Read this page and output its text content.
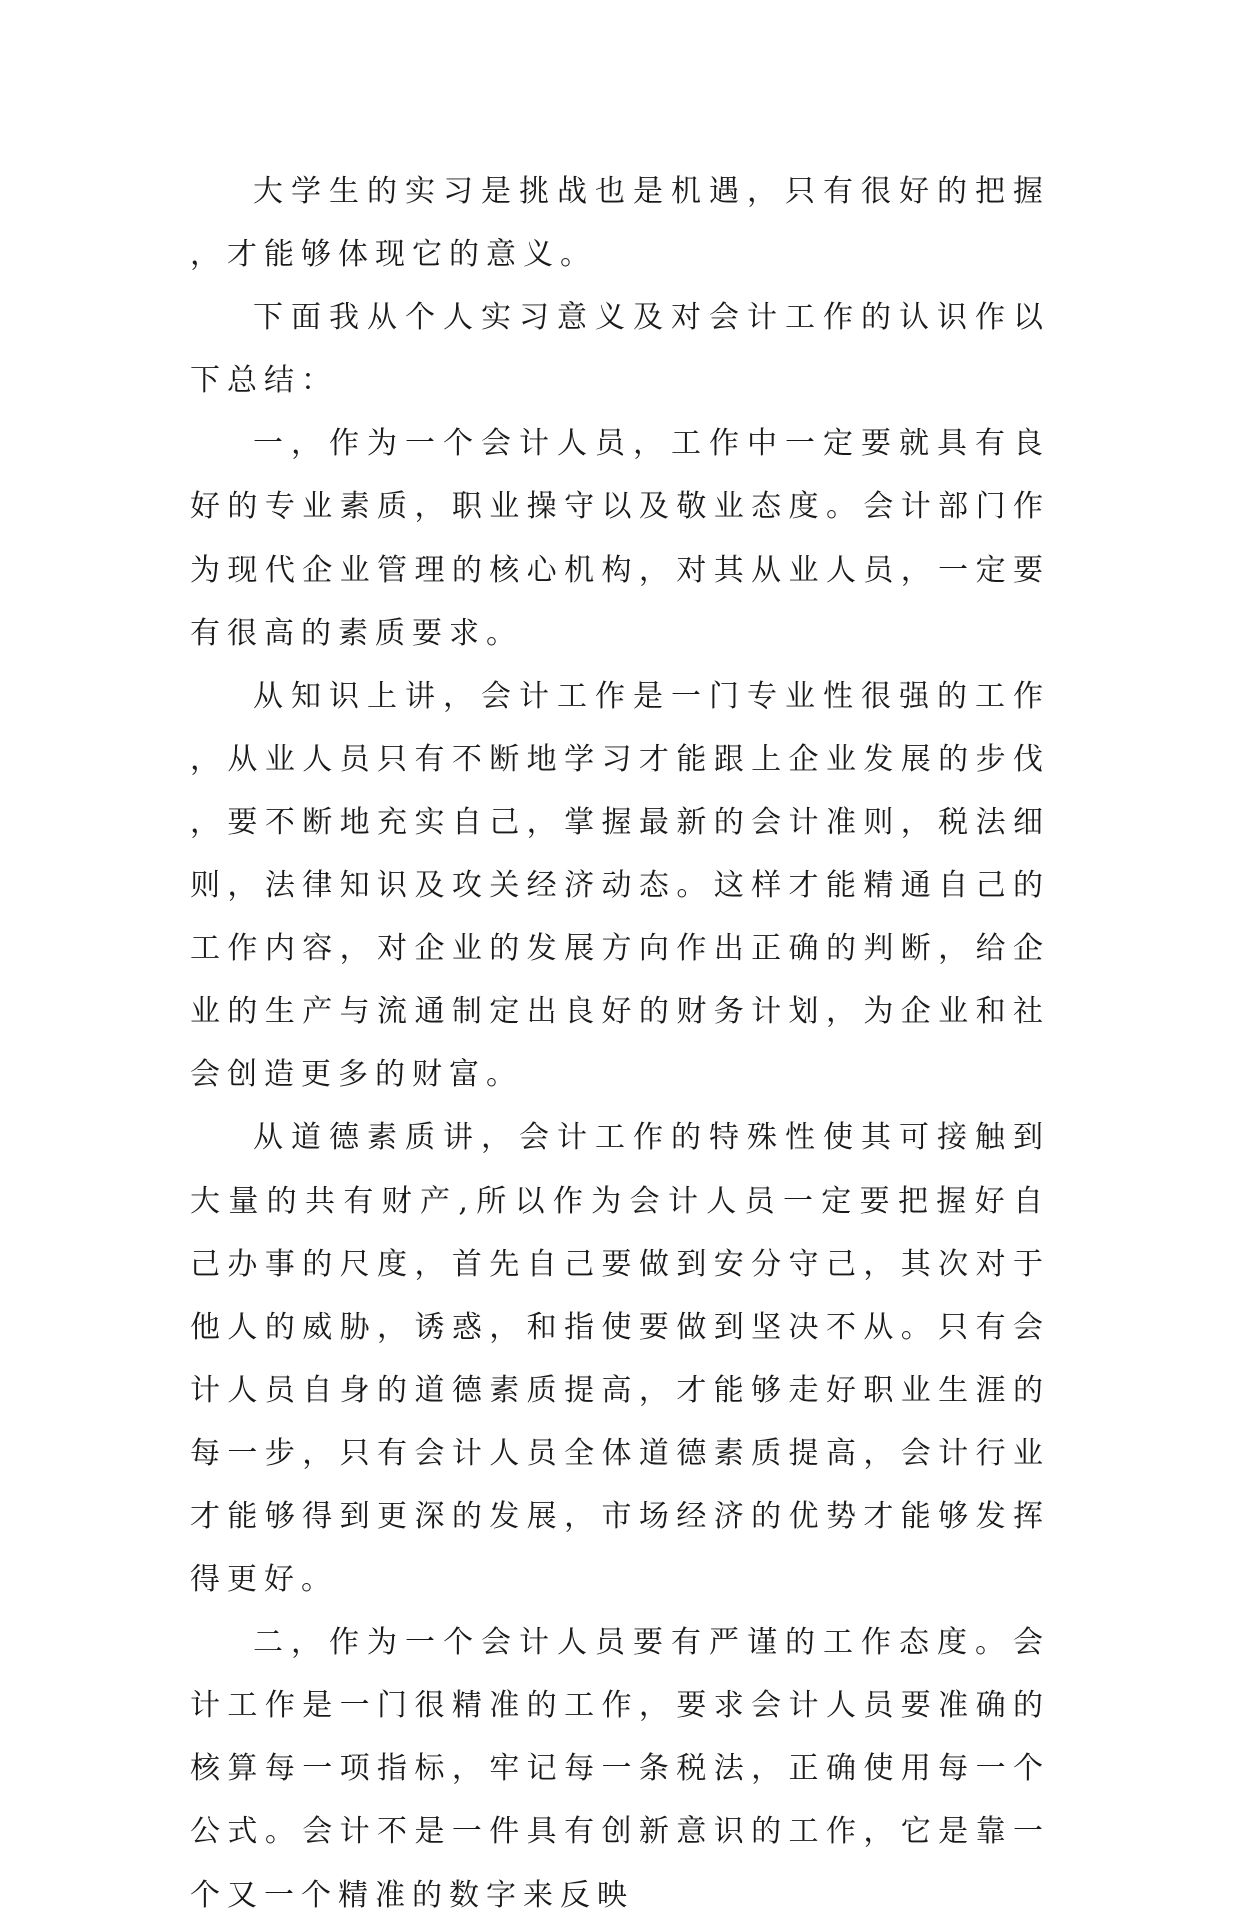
大学生的实习是挑战也是机遇，只有很好的把握，才能够体现它的意义。

下面我从个人实习意义及对会计工作的认识作以下总结：

一，作为一个会计人员，工作中一定要就具有良好的专业素质，职业操守以及敬业态度。会计部门作为现代企业管理的核心机构，对其从业人员，一定要有很高的素质要求。

从知识上讲，会计工作是一门专业性很强的工作，从业人员只有不断地学习才能跟上企业发展的步伐，要不断地充实自己，掌握最新的会计准则，税法细则，法律知识及攻关经济动态。这样才能精通自己的工作内容，对企业的发展方向作出正确的判断，给企业的生产与流通制定出良好的财务计划，为企业和社会创造更多的财富。

从道德素质讲，会计工作的特殊性使其可接触到大量的共有财产,所以作为会计人员一定要把握好自己办事的尺度，首先自己要做到安分守己，其次对于他人的威胁，诱惑，和指使要做到坚决不从。只有会计人员自身的道德素质提高，才能够走好职业生涯的每一步，只有会计人员全体道德素质提高，会计行业才能够得到更深的发展，市场经济的优势才能够发挥得更好。

二，作为一个会计人员要有严谨的工作态度。会计工作是一门很精准的工作，要求会计人员要准确的核算每一项指标，牢记每一条税法，正确使用每一个公式。会计不是一件具有创新意识的工作，它是靠一个又一个精准的数字来反映
